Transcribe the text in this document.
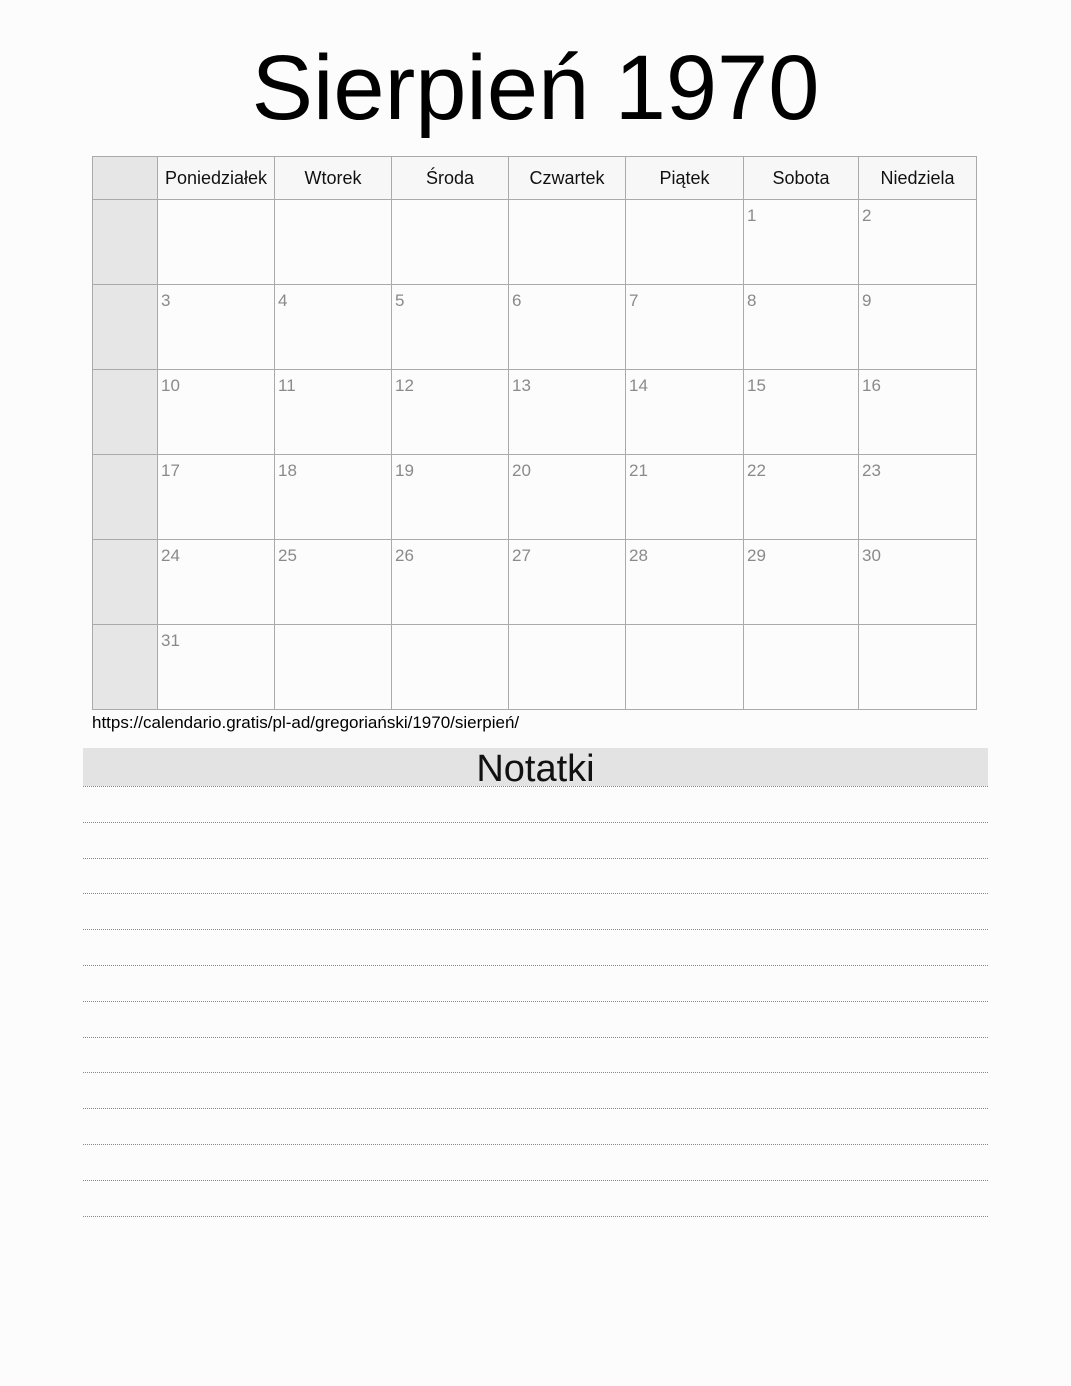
Sierpień 1970
	Poniedziałek	Wtorek	Środa	Czwartek	Piątek	Sobota	Niedziela

						1	2

	3	4	5	6	7	8	9

	10	11	12	13	14	15	16

	17	18	19	20	21	22	23

	24	25	26	27	28	29	30

	31						

https://calendario.gratis/pl-ad/gregoriański/1970/sierpień/
Notatki
